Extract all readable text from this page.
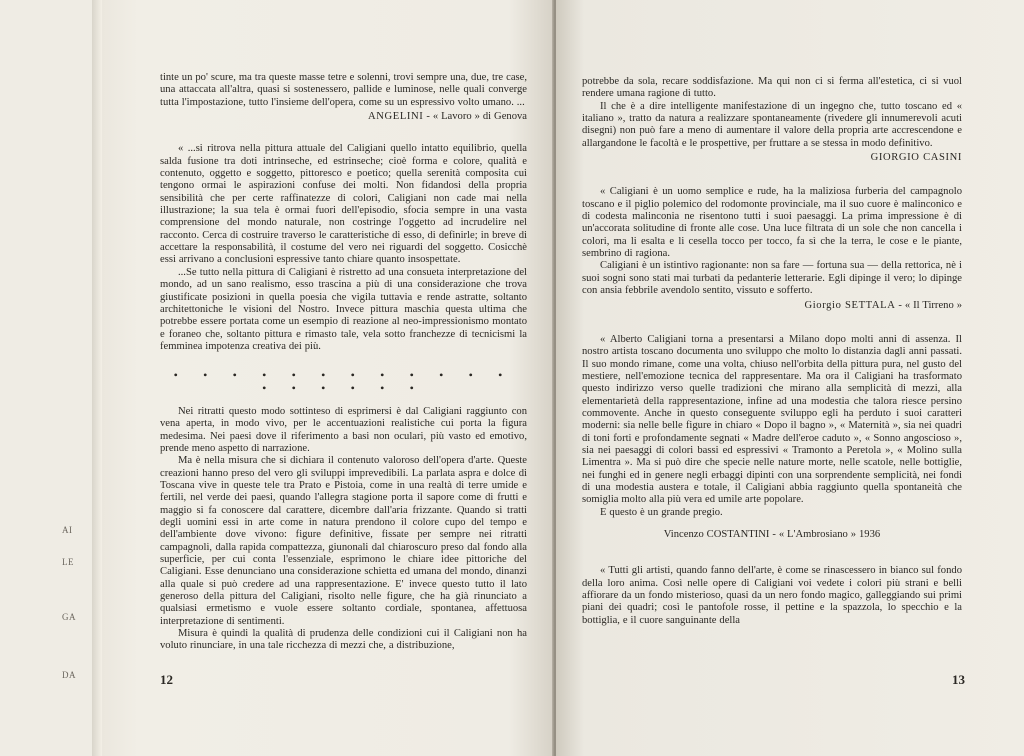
AI
LE
GA
DA

tinte un po' scure, ma tra queste masse tetre e solenni, trovi sempre una, due, tre case, una attaccata all'altra, quasi si sostenessero, pallide e luminose, nelle quali converge tutta l'impostazione, tutto l'insieme dell'opera, come su un espressivo volto umano. ...

ANGELINI - « Lavoro » di Genova

« ...si ritrova nella pittura attuale del Caligiani quello intatto equilibrio, quella salda fusione tra doti intrinseche, ed estrinseche; cioè forma e colore, qualità e contenuto, oggetto e soggetto, pittoresco e poetico; quella serenità composita cui tengono ormai le aspirazioni confuse dei molti. Non fidandosi della propria sensibilità che per certe raffinatezze di colori, Caligiani non cade mai nella illustrazione; la sua tela è ormai fuori dell'episodio, sfocia sempre in una vasta comprensione del mondo naturale, non costringe l'oggetto ad incrudelire nel racconto. Cerca di costruire traverso le caratteristiche di esso, di definirle; in breve di accettare la responsabilità, il costume del vero nei riguardi del soggetto. Cosicchè essi arrivano a conclusioni espressive tanto chiare quanto insospettate.

...Se tutto nella pittura di Caligiani è ristretto ad una consueta interpretazione del mondo, ad un sano realismo, esso trascina a più di una considerazione che trova giustificate posizioni in quella poesia che vigila tuttavia e rende astratte, soltanto architettoniche le visioni del Nostro. Invece pittura maschia questa ultima che potrebbe essere portata come un esempio di reazione al neo-impressionismo montato e forаneo che, soltanto pittura e rimasto tale, vela sotto franchezze di tecnicismi la femminea impotenza creativa dei più.

• • • • • • • • • • • • • • • • • •

Nei ritratti questo modo sottinteso di esprimersi è dal Caligiani raggiunto con vena aperta, in modo vivo, per le accentuazioni realistiche cui porta la figura medesima. Nei paesi dove il riferimento a basi non oculari, più vasto ed emotivo, prende meno aspetto di narrazione.

Ma è nella misura che si dichiara il contenuto valoroso dell'opera d'arte. Queste creazioni hanno preso del vero gli sviluppi imprevedibili. La parlata aspra e dolce di Toscana vive in queste tele tra Prato e Pistoia, come in una realtà di terre umide e fertili, nel verde dei paesi, quando l'allegra stagione porta il sapore come di frutti e maggio si fa conoscere dal carattere, dicembre dall'aria frizzante. Quando si tratti degli uomini essi in arte come in natura prendono il colore cupo del tempo e dell'ambiente dove vivono: figure definitive, fissate per sempre nei ritratti campagnoli, dalla rapida compattezza, giunonali dal chiaroscuro preso dal fondo alla superficie, per cui conta l'essenziale, esprimono le chiare idee pittoriche del Caligiani. Esse denunciano una considerazione schietta ed umana del mondo, dinanzi alla quale si può credere ad una rappresentazione. E' invece questo tutto il lato generoso della pittura del Caligiani, risolto nelle figure, che ha già rinunciato a qualsiasi ermetismo e vuole essere soltanto cordiale, spontanea, affettuosa interpretazione di sentimenti.

Misura è quindi la qualità di prudenza delle condizioni cui il Caligiani non ha voluto rinunciare, in una tale ricchezza di mezzi che, a distribuzione,

12

potrebbe da sola, recare soddisfazione. Ma qui non ci si ferma all'estetica, ci si vuol rendere umana ragione di tutto.

Il che è a dire intelligente manifestazione di un ingegno che, tutto toscano ed « italiano », tratto da natura a realizzare spontaneamente (rivedere gli innumerevoli acuti disegni) non può fare a meno di aumentare il valore della propria arte accrescendone e allargandone le facoltà e le prospettive, per fruttare a se stessa in modo definitivo.

GIORGIO CASINI

« Caligiani è un uomo semplice e rude, ha la maliziosa furberia del campagnolo toscano e il piglio polemico del rodomonte provinciale, ma il suo cuore è malinconico e di codesta malinconia ne risentono tutti i suoi paesaggi. La prima impressione è di un'accorata solitudine di fronte alle cose. Una luce filtrata di un sole che non cancella i colori, ma li esalta e li cesella tocco per tocco, fa sì che la terra, le cose e le piante, sembrino di ragiona.

Caligiani è un istintivo ragionante: non sa fare — fortuna sua — della rettorica, nè i suoi sogni sono stati mai turbati da pedanterie letterarie. Egli dipinge il vero; lo dipinge con ansia febbrile avendolo sentito, vissuto e sofferto.

Giorgio SETTALA - « Il Tirreno »

« Alberto Caligiani torna a presentarsi a Milano dopo molti anni di assenza. Il nostro artista toscano documenta uno sviluppo che molto lo distanzia dagli anni passati. Il suo mondo rimane, come una volta, chiuso nell'orbita della pittura pura, nel gusto del mestiere, nell'emozione tecnica del rappresentare. Ma ora il Caligiani ha trasformato questo indirizzo verso quelle tradizioni che mirano alla semplicità di mezzi, alla elementarietà della rappresentazione, infine ad una modestia che talora riesce persino commovente. Anche in questo conseguente sviluppo egli ha perduto i suoi caratteri moderni: sia nelle belle figure in chiaro « Dopo il bagno », « Maternità », sia nei quadri di toni forti e profondamente segnati « Madre dell'eroe caduto », « Sonno angoscioso », sia nei paesaggi di colori bassi ed espressivi « Tramonto a Peretola », « Molino sulla Limentra ». Ma si può dire che specie nelle nature morte, nelle scatole, nelle bottiglie, nei funghi ed in genere negli erbaggi dipinti con una sorprendente semplicità, nei fondi di una modestia austera e totale, il Caligiani abbia raggiunto quella spontaneità che somiglia molto alla più vera ed umile arte popolare.

E questo è un grande pregio.

Vincenzo COSTANTINI - « L'Ambrosiano » 1936

« Tutti gli artisti, quando fanno dell'arte, è come se rinascessero in bianco sul fondo della loro anima. Così nelle opere di Caligiani voi vedete i colori più strani e belli affiorare da un fondo misterioso, quasi da un nero fondo magico, galleggiando sui primi piani dei quadri; così le pantofole rosse, il pettine e la spazzola, lo specchio e la bottiglia, e il cuore sanguinante della

13
